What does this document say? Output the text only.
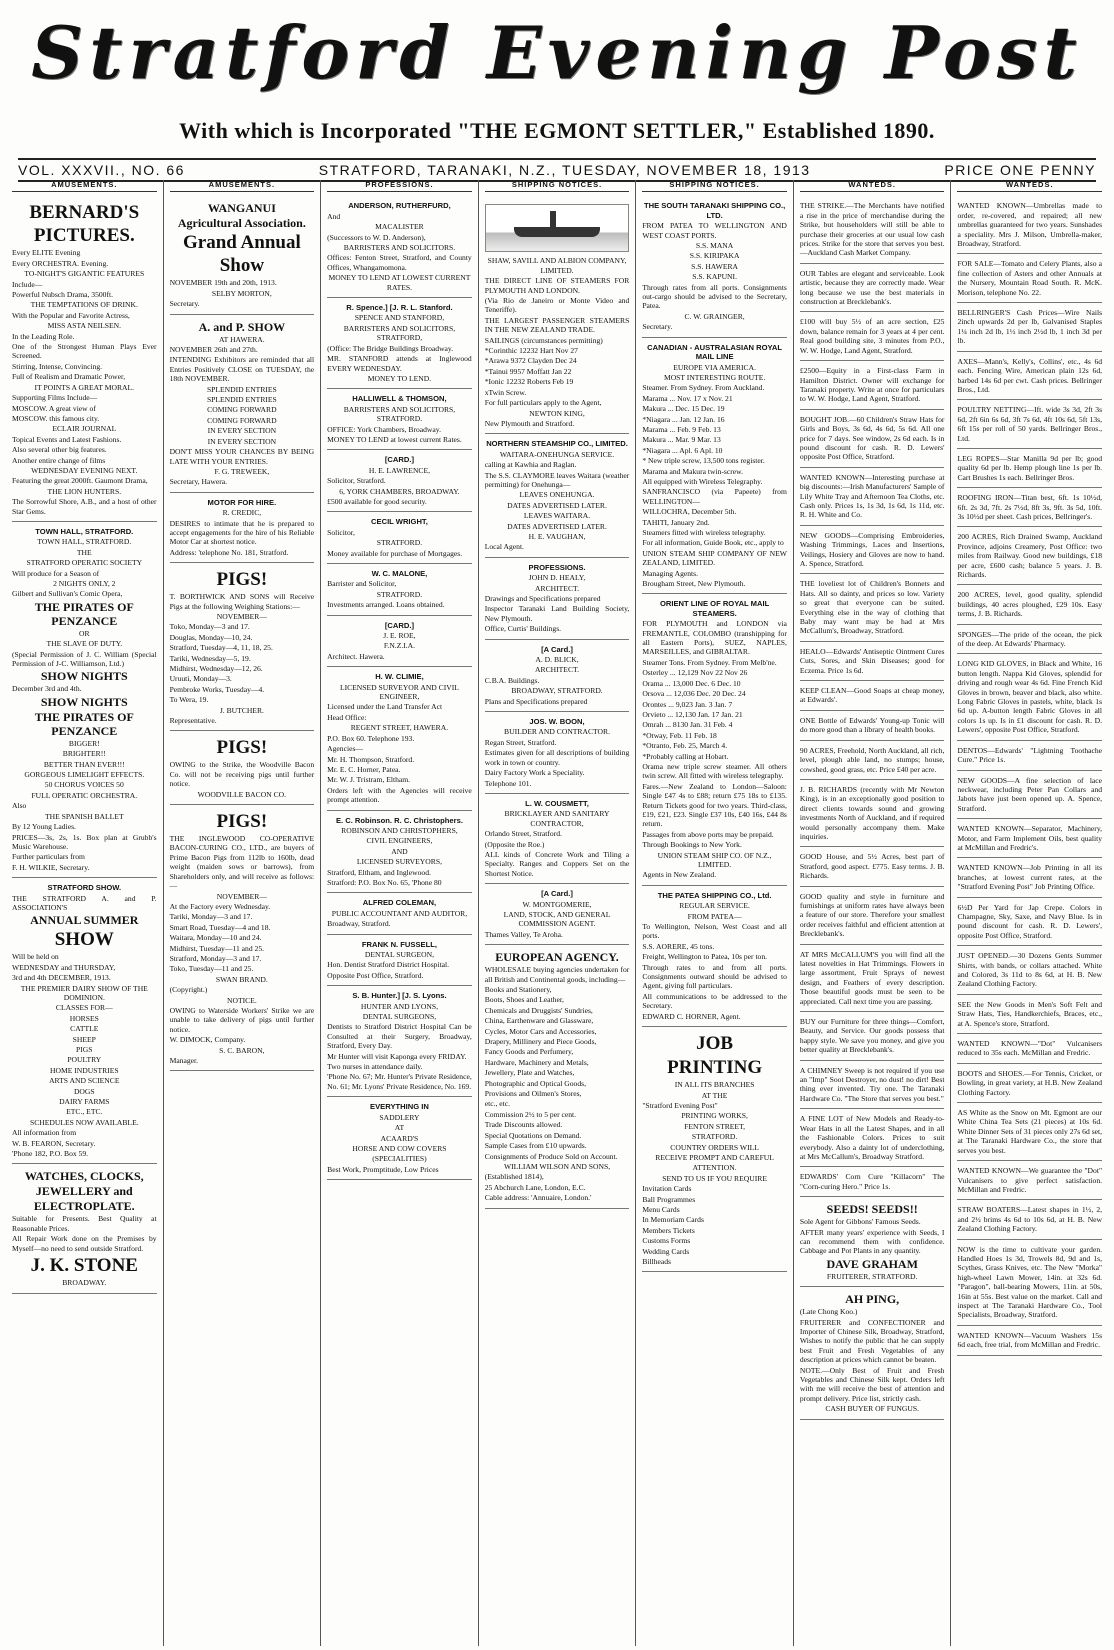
Stratford Evening Post
With which is Incorporated "THE EGMONT SETTLER," Established 1890.
VOL. XXXVII., NO. 66	STRATFORD, TARANAKI, N.Z., TUESDAY, NOVEMBER 18, 1913	PRICE ONE PENNY
AMUSEMENTS.
BERNARD'S PICTURES.
Every ELITE Evening
Every ORCHESTRA. Evening.
TO-NIGHT'S GIGANTIC FEATURES
Include—
Powerful Nubsch Drama, 3500ft.
THE TEMPTATIONS OF DRINK.
With the Popular and Favorite Actress,
MISS ASTA NEILSEN.
In the Leading Role.
One of the Strongest Human Plays Ever Screened.
Stirring, Intense, Convincing.
Full of Realism and Dramatic Power,
IT POINTS A GREAT MORAL.
Supporting Films Include—
MOSCOW. A great view of
MOSCOW. this famous city.
ECLAIR JOURNAL
Topical Events and Latest Fashions.
Also several other big features.
Another entire change of films
WEDNESDAY EVENING NEXT.
Featuring the great 2000ft. Gaumont Drama,
THE LION HUNTERS.
The Sorrowful Shore, A.B., and a host of other Star Gems.
TOWN HALL, STRATFORD.
TOWN HALL, STRATFORD.
THE
STRATFORD OPERATIC SOCIETY
Will produce for a Season of
2 NIGHTS ONLY, 2
Gilbert and Sullivan's Comic Opera,
THE PIRATES OF PENZANCE
OR
THE SLAVE OF DUTY.
(Special Permission of J. C. William (Special Permission of J-C. Williamson, Ltd.)
SHOW NIGHTS
December 3rd and 4th.
SHOW NIGHTS
THE PIRATES OF PENZANCE
BIGGER!
BRIGHTER!!
BETTER THAN EVER!!!
GORGEOUS LIMELIGHT EFFECTS.
50 CHORUS VOICES 50
FULL OPERATIC ORCHESTRA.
Also
THE SPANISH BALLET
By 12 Young Ladies.
PRICES—3s, 2s, 1s. Box plan at Grubb's Music Warehouse.
Further particulars from
F. H. WILKIE, Secretary.
STRATFORD SHOW.
THE STRATFORD A. and P. ASSOCIATION'S
ANNUAL SUMMER
SHOW
Will be held on
WEDNESDAY and THURSDAY,
3rd and 4th DECEMBER, 1913.
THE PREMIER DAIRY SHOW OF THE DOMINION.
CLASSES FOR—
HORSES
CATTLE
SHEEP
PIGS
POULTRY
HOME INDUSTRIES
ARTS AND SCIENCE
DOGS
DAIRY FARMS
ETC., ETC.
SCHEDULES NOW AVAILABLE.
All information from
W. B. FEARON, Secretary.
'Phone 182, P.O. Box 59.
WATCHES, CLOCKS,
JEWELLERY and
ELECTROPLATE.
Suitable for Presents. Best Quality at Reasonable Prices.
All Repair Work done on the Premises by Myself—no need to send outside Stratford.
J. K. STONE
BROADWAY.
AMUSEMENTS.
WANGANUI
Agricultural Association.
Grand Annual Show
NOVEMBER 19th and 20th, 1913.
SELBY MORTON,
Secretary.
A. and P. SHOW
AT HAWERA.
NOVEMBER 26th and 27th.
INTENDING Exhibitors are reminded that all Entries Positively CLOSE on TUESDAY, the 18th NOVEMBER.
SPLENDID ENTRIES
SPLENDID ENTRIES
COMING FORWARD
COMING FORWARD
IN EVERY SECTION
IN EVERY SECTION
DON'T MISS YOUR CHANCES BY BEING LATE WITH YOUR ENTRIES.
F. G. TREWEEK,
Secretary, Hawera.
MOTOR FOR HIRE.
R. CREDIC,
DESIRES to intimate that he is prepared to accept engagements for the hire of his Reliable Motor Car at shortest notice.
Address: 'telephone No. 181, Stratford.
PIGS!
T. BORTHWICK AND SONS will Receive Pigs at the following Weighing Stations:—
NOVEMBER—
Toko, Monday—3 and 17.
Douglas, Monday—10, 24.
Stratford, Tuesday—4, 11, 18, 25.
Tariki, Wednesday—5, 19.
Midhirst, Wednesday—12, 26.
Uruuti, Monday—3.
Pembroke Works, Tuesday—4.
To Wera, 19.
J. BUTCHER.
Representative.
PIGS!
OWING to the Strike, the Woodville Bacon Co. will not be receiving pigs until further notice.
WOODVILLE BACON CO.
PIGS!
THE INGLEWOOD CO-OPERATIVE BACON-CURING CO., LTD., are buyers of Prime Bacon Pigs from 112lb to 160lb, dead weight (maiden sows or barrows), from Shareholders only, and will receive as follows:—
NOVEMBER—
At the Factory every Wednesday.
Tariki, Monday—3 and 17.
Smart Road, Tuesday—4 and 18.
Waitara, Monday—10 and 24.
Midhirst, Tuesday—11 and 25.
Stratford, Monday—3 and 17.
Toko, Tuesday—11 and 25.
SWAN BRAND.
(Copyright.)
NOTICE.
OWING to Waterside Workers' Strike we are unable to take delivery of pigs until further notice.
W. DIMOCK, Company.
S. C. BARON,
Manager.
PROFESSIONS.
ANDERSON, RUTHERFURD,
And
MACALISTER
(Successors to W. D. Anderson),
BARRISTERS AND SOLICITORS.
Offices: Fenton Street, Stratford, and County Offices, Whangamomona.
MONEY TO LEND AT LOWEST CURRENT RATES.
R. Spence.] [J. R. L. Stanford.
SPENCE AND STANFORD,
BARRISTERS AND SOLICITORS, STRATFORD,
(Office: The Bridge Buildings Broadway.
MR. STANFORD attends at Inglewood EVERY WEDNESDAY.
MONEY TO LEND.
HALLIWELL & THOMSON,
BARRISTERS AND SOLICITORS, STRATFORD.
OFFICE: York Chambers, Broadway.
MONEY TO LEND at lowest current Rates.
[CARD.]
H. E. LAWRENCE,
Solicitor, Stratford.
6, YORK CHAMBERS, BROADWAY.
£500 available for good security.
CECIL WRIGHT,
Solicitor,
STRATFORD.
Money available for purchase of Mortgages.
W. C. MALONE,
Barrister and Solicitor,
STRATFORD.
Investments arranged. Loans obtained.
[CARD.]
J. E. ROE,
F.N.Z.I.A.
Architect. Hawera.
H. W. CLIMIE,
LICENSED SURVEYOR AND CIVIL ENGINEER,
Licensed under the Land Transfer Act
Head Office:
REGENT STREET, HAWERA.
P.O. Box 60. Telephone 193.
Agencies—
Mr. H. Thompson, Stratford.
Mr. E. C. Horner, Patea.
Mr. W. J. Tristram, Eltham.
Orders left with the Agencies will receive prompt attention.
E. C. Robinson. R. C. Christophers.
ROBINSON AND CHRISTOPHERS,
CIVIL ENGINEERS,
AND
LICENSED SURVEYORS,
Stratford, Eltham, and Inglewood.
Stratford: P.O. Box No. 65, 'Phone 80
ALFRED COLEMAN,
PUBLIC ACCOUNTANT AND AUDITOR,
Broadway, Stratford.
FRANK N. FUSSELL,
DENTAL SURGEON,
Hon. Dentist Stratford District Hospital.
Opposite Post Office, Stratford.
S. B. Hunter.] [J. S. Lyons.
HUNTER AND LYONS,
DENTAL SURGEONS,
Dentists to Stratford District Hospital Can be Consulted at their Surgery, Broadway, Stratford, Every Day.
Mr Hunter will visit Kaponga every FRIDAY.
Two nurses in attendance daily.
'Phone No. 67; Mr. Hunter's Private Residence, No. 61; Mr. Lyons' Private Residence, No. 169.
EVERYTHING IN
SADDLERY
AT
ACAARD'S
HORSE AND COW COVERS
(SPECIALITIES)
Best Work, Promptitude, Low Prices
SHIPPING NOTICES.
SHAW, SAVILL AND ALBION COMPANY, LIMITED.
THE DIRECT LINE OF STEAMERS FOR PLYMOUTH AND LONDON.
(Via Rio de Janeiro or Monte Video and Teneriffe).
THE LARGEST PASSENGER STEAMERS IN THE NEW ZEALAND TRADE.
SAILINGS (circumstances permitting)
*Corinthic 12232 Hart Nov 27
*Arawa 9372 Clayden Dec 24
*Tainui 9957 Moffatt Jan 22
*Ionic 12232 Roberts Feb 19
xTwin Screw.
For full particulars apply to the Agent,
NEWTON KING,
New Plymouth and Stratford.
NORTHERN STEAMSHIP CO., LIMITED.
WAITARA-ONEHUNGA SERVICE.
calling at Kawhia and Raglan.
The S.S. CLAYMORE leaves Waitara (weather permitting) for Onehunga—
LEAVES ONEHUNGA.
DATES ADVERTISED LATER.
LEAVES WAITARA.
DATES ADVERTISED LATER.
H. E. VAUGHAN,
Local Agent.
PROFESSIONS.
JOHN D. HEALY,
ARCHITECT.
Drawings and Specifications prepared
Inspector Taranaki Land Building Society, New Plymouth.
Office, Curtis' Buildings.
[A Card.]
A. D. BLICK,
ARCHITECT.
C.B.A. Buildings.
BROADWAY, STRATFORD.
Plans and Specifications prepared
JOS. W. BOON,
BUILDER AND CONTRACTOR.
Regan Street, Stratford.
Estimates given for all descriptions of building work in town or country.
Dairy Factory Work a Speciality.
Telephone 101.
L. W. COUSMETT,
BRICKLAYER AND SANITARY CONTRACTOR,
Orlando Street, Stratford.
(Opposite the Roe.)
ALL kinds of Concrete Work and Tiling a Specialty. Ranges and Coppers Set on the Shortest Notice.
[A Card.]
W. MONTGOMERIE,
LAND, STOCK, AND GENERAL COMMISSION AGENT.
Thames Valley, Te Aroha.
EUROPEAN AGENCY.
WHOLESALE buying agencies undertaken for all British and Continental goods, including—
Books and Stationery,
Boots, Shoes and Leather,
Chemicals and Druggists' Sundries,
China, Earthenware and Glassware,
Cycles, Motor Cars and Accessories,
Drapery, Millinery and Piece Goods,
Fancy Goods and Perfumery,
Hardware, Machinery and Metals,
Jewellery, Plate and Watches,
Photographic and Optical Goods,
Provisions and Oilmen's Stores,
etc., etc.
Commission 2½ to 5 per cent.
Trade Discounts allowed.
Special Quotations on Demand.
Sample Cases from £10 upwards.
Consignments of Produce Sold on Account.
WILLIAM WILSON AND SONS,
(Established 1814),
25 Abchurch Lane, London, E.C.
Cable address: 'Annuaire, London.'
SHIPPING NOTICES.
THE SOUTH TARANAKI SHIPPING CO., LTD.
FROM PATEA TO WELLINGTON AND WEST COAST PORTS.
S.S. MANA
S.S. KIRIPAKA
S.S. HAWERA
S.S. KAPUNI.
Through rates from all ports. Consignments out-cargo should be advised to the Secretary, Patea.
C. W. GRAINGER,
Secretary.
CANADIAN - AUSTRALASIAN ROYAL MAIL LINE
EUROPE VIA AMERICA.
MOST INTERESTING ROUTE.
Steamer. From Sydney. From Auckland.
Marama ... Nov. 17 x Nov. 21
Makura ... Dec. 15 Dec. 19
*Niagara ... Jan. 12 Jan. 16
Marama ... Feb. 9 Feb. 13
Makura ... Mar. 9 Mar. 13
*Niagara ... Apl. 6 Apl. 10
* New triple screw, 13,500 tons register.
Marama and Makura twin-screw.
All equipped with Wireless Telegraphy.
SANFRANCISCO (via Papeete) from WELLINGTON—
WILLOCHRA, December 5th.
TAHITI, January 2nd.
Steamers fitted with wireless telegraphy.
For all information, Guide Book, etc., apply to
UNION STEAM SHIP COMPANY OF NEW ZEALAND, LIMITED.
Managing Agents.
Brougham Street, New Plymouth.
ORIENT LINE OF ROYAL MAIL STEAMERS.
FOR PLYMOUTH and LONDON via FREMANTLE, COLOMBO (transhipping for all Eastern Ports), SUEZ, NAPLES, MARSEILLES, and GIBRALTAR.
Steamer Tons. From Sydney. From Melb'ne.
Osterley ... 12,129 Nov 22 Nov 26
Orama ... 13,000 Dec. 6 Dec. 10
Orsova ... 12,036 Dec. 20 Dec. 24
Orontes ... 9,023 Jan. 3 Jan. 7
Orvieto ... 12,130 Jan. 17 Jan. 21
Omrah ... 8130 Jan. 31 Feb. 4
*Otway, Feb. 11 Feb. 18
*Otranto, Feb. 25, March 4.
*Probably calling at Hobart.
Orama new triple screw steamer. All others twin screw. All fitted with wireless telegraphy.
Fares.—New Zealand to London—Saloon: Single £47 4s to £88; return £75 18s to £135. Return Tickets good for two years. Third-class, £19, £21, £23. Single £37 10s, £40 16s, £44 8s return.
Passages from above ports may be prepaid.
Through Bookings to New York.
UNION STEAM SHIP CO. OF N.Z., LIMITED.
Agents in New Zealand.
THE PATEA SHIPPING CO., Ltd.
REGULAR SERVICE.
FROM PATEA—
To Wellington, Nelson, West Coast and all ports.
S.S. AORERE, 45 tons.
Freight, Wellington to Patea, 10s per ton.
Through rates to and from all ports. Consignments outward should be advised to Agent, giving full particulars.
All communications to be addressed to the Secretary.
EDWARD C. HORNER, Agent.
JOB
PRINTING
IN ALL ITS BRANCHES
AT THE
"Stratford Evening Post"
PRINTING WORKS,
FENTON STREET,
STRATFORD.
COUNTRY ORDERS WILL
RECEIVE PROMPT AND CAREFUL
ATTENTION.
SEND TO US IF YOU REQUIRE
Invitation Cards
Ball Programmes
Menu Cards
In Memoriam Cards
Members Tickets
Customs Forms
Wedding Cards
Billheads
WANTEDS.
THE STRIKE.—The Merchants have notified a rise in the price of merchandise during the Strike, but householders will still be able to purchase their groceries at our usual low cash prices. Strike for the store that serves you best.—Auckland Cash Market Company.
OUR Tables are elegant and serviceable. Look artistic, because they are correctly made. Wear long because we use the best materials in construction at Brecklebank's.
£100 will buy 5½ of an acre section, £25 down, balance remain for 3 years at 4 per cent. Real good building site, 3 minutes from P.O., W. W. Hodge, Land Agent, Stratford.
£2500—Equity in a First-class Farm in Hamilton District. Owner will exchange for Taranaki property. Write at once for particulars to W. W. Hodge, Land Agent, Stratford.
BOUGHT JOB.—60 Children's Straw Hats for Girls and Boys, 3s 6d, 4s 6d, 5s 6d. All one price for 7 days. See window, 2s 6d each. Is in pound discount for cash. R. D. Lewers' opposite Post Office, Stratford.
WANTED KNOWN—Interesting purchase at big discounts:—Irish Manufacturers' Sample of Lily White Tray and Afternoon Tea Cloths, etc. Cash only. Prices 1s, 1s 3d, 1s 6d, 1s 11d, etc. R. H. White and Co.
NEW GOODS—Comprising Embroideries, Washing Trimmings, Laces and Insertions, Veilings, Hosiery and Gloves are now to hand. A. Spence, Stratford.
THE loveliest lot of Children's Bonnets and Hats. All so dainty, and prices so low. Variety so great that everyone can be suited. Everything else in the way of clothing that Baby may want may be had at Mrs McCallum's, Broadway, Stratford.
HEALO—Edwards' Antiseptic Ointment Cures Cuts, Sores, and Skin Diseases; good for Eczema. Price 1s 6d.
KEEP CLEAN—Good Soaps at cheap money, at Edwards'.
ONE Bottle of Edwards' Young-up Tonic will do more good than a library of health books.
90 ACRES, Freehold, North Auckland, all rich, level, plough able land, no stumps; house, cowshed, good grass, etc. Price £40 per acre.
J. B. RICHARDS (recently with Mr Newton King), is in an exceptionally good position to direct clients towards sound and growing investments North of Auckland, and if required would personally accompany them. Make inquiries.
GOOD House, and 5½ Acres, best part of Stratford, good aspect. £775. Easy terms. J. B. Richards.
GOOD quality and style in furniture and furnishings at uniform rates have always been a feature of our store. Therefore your smallest order receives faithful and efficient attention at Brecklebank's.
AT MRS McCALLUM'S you will find all the latest novelties in Hat Trimmings. Flowers in large assortment, Fruit Sprays of newest design, and Feathers of every description. Those beautiful goods must be seen to be appreciated. Call next time you are passing.
BUY our Furniture for three things—Comfort, Beauty, and Service. Our goods possess that happy style. We save you money, and give you better quality at Brecklebank's.
A CHIMNEY Sweep is not required if you use an "Imp" Soot Destroyer, no dust! no dirt! Best thing ever invented. Try one. The Taranaki Hardware Co. "The Store that serves you best."
A FINE LOT of New Models and Ready-to-Wear Hats in all the Latest Shapes, and in all the Fashionable Colors. Prices to suit everybody. Also a dainty lot of underclothing, at Mrs McCallum's, Broadway Stratford.
EDWARDS' Corn Cure "Killacorn" The "Corn-curing Hero." Price 1s.
SEEDS! SEEDS!!
Sole Agent for Gibbons' Famous Seeds.
AFTER many years' experience with Seeds, I can recommend them with confidence. Cabbage and Pot Plants in any quantity.
DAVE GRAHAM
FRUITERER, STRATFORD.
AH PING,
(Late Chong Koo.)
FRUITERER and CONFECTIONER and Importer of Chinese Silk, Broadway, Stratford, Wishes to notify the public that he can supply best Fruit and Fresh Vegetables of any description at prices which cannot be beaten.
NOTE.—Only Best of Fruit and Fresh Vegetables and Chinese Silk kept. Orders left with me will receive the best of attention and prompt delivery. Price list, strictly cash.
CASH BUYER OF FUNGUS.
WANTEDS.
WANTED KNOWN—Umbrellas made to order, re-covered, and repaired; all new umbrellas guaranteed for two years. Sunshades a speciality. Mrs J. Milson, Umbrella-maker, Broadway, Stratford.
FOR SALE—Tomato and Celery Plants, also a fine collection of Asters and other Annuals at the Nursery, Mountain Road South. R. McK. Morison, telephone No. 22.
BELLRINGER'S Cash Prices—Wire Nails 2inch upwards 2d per lb, Galvanised Staples 1¼ inch 2d lb, 1½ inch 2½d lb, 1 inch 3d per lb.
AXES—Mann's, Kelly's, Collins', etc., 4s 6d each. Fencing Wire, American plain 12s 6d, barbed 14s 6d per cwt. Cash prices. Bellringer Bros., Ltd.
POULTRY NETTING—Ift. wide 3s 3d, 2ft 3s 6d, 2ft 6in 6s 6d, 3ft 7s 6d, 4ft 10s 6d, 5ft 13s, 6ft 15s per roll of 50 yards. Bellringer Bros., Ltd.
LEG ROPES—Star Manilla 9d per lb; good quality 6d per lb. Hemp plough line 1s per lb. Cart Brushes 1s each. Bellringer Bros.
ROOFING IRON—Titan best, 6ft. 1s 10½d, 6ft. 2s 3d, 7ft. 2s 7½d, 8ft 3s, 9ft. 3s 5d, 10ft. 3s 10½d per sheet. Cash prices, Bellringer's.
200 ACRES, Rich Drained Swamp, Auckland Province, adjoins Creamery, Post Office: two miles from Railway. Good new buildings, £18 per acre, £600 cash; balance 5 years. J. B. Richards.
200 ACRES, level, good quality, splendid buildings, 40 acres ploughed, £29 10s. Easy terms, J. B. Richards.
SPONGES—The pride of the ocean, the pick of the deep. At Edwards' Pharmacy.
LONG KID GLOVES, in Black and White, 16 button length. Nappa Kid Gloves, splendid for driving and rough wear 4s 6d. Fine French Kid Gloves in brown, beaver and black, also white. Long Fabric Gloves in pastels, white, black 1s 6d up. A-button length Fabric Gloves in all colors 1s up. Is in £1 discount for cash. R. D. Lewers', opposite Post Office, Stratford.
DENTOS—Edwards' "Lightning Toothache Cure." Price 1s.
NEW GOODS—A fine selection of lace neckwear, including Peter Pan Collars and Jabots have just been opened up. A. Spence, Stratford.
WANTED KNOWN—Separator, Machinery, Motor, and Farm Implement Oils, best quality at McMillan and Fredric's.
WANTED KNOWN—Job Printing in all its branches, at lowest current rates, at the "Stratford Evening Post" Job Printing Office.
6½D Per Yard for Jap Crepe. Colors in Champagne, Sky, Saxe, and Navy Blue. Is in pound discount for cash. R. D. Lewers', opposite Post Office, Stratford.
JUST OPENED.—30 Dozens Gents Summer Shirts, with bands, or collars attached. White and Colored, 3s 11d to 8s 6d, at H. B. New Zealand Clothing Factory.
SEE the New Goods in Men's Soft Felt and Straw Hats, Ties, Handkerchiefs, Braces, etc., at A. Spence's store, Stratford.
WANTED KNOWN—"Dot" Vulcanisers reduced to 35s each. McMillan and Fredric.
BOOTS and SHOES.—For Tennis, Cricket, or Bowling, in great variety, at H.B. New Zealand Clothing Factory.
AS White as the Snow on Mt. Egmont are our White China Tea Sets (21 pieces) at 10s 6d. White Dinner Sets of 31 pieces only 27s 6d set, at The Taranaki Hardware Co., the store that serves you best.
WANTED KNOWN—We guarantee the "Dot" Vulcanisers to give perfect satisfaction. McMillan and Fredric.
STRAW BOATERS—Latest shapes in 1½, 2, and 2½ brims 4s 6d to 10s 6d, at H. B. New Zealand Clothing Factory.
NOW is the time to cultivate your garden. Handled Hoes 1s 3d, Trowels 8d, 9d and 1s, Scythes, Grass Knives, etc. The New "Morka" high-wheel Lawn Mower, 14in. at 32s 6d. "Paragon", ball-bearing Mowers, 11in. at 50s, 16in at 55s. Best value on the market. Call and inspect at The Taranaki Hardware Co., Tool Specialists, Broadway, Stratford.
WANTED KNOWN—Vacuum Washers 15s 6d each, free trial, from McMillan and Fredric.
